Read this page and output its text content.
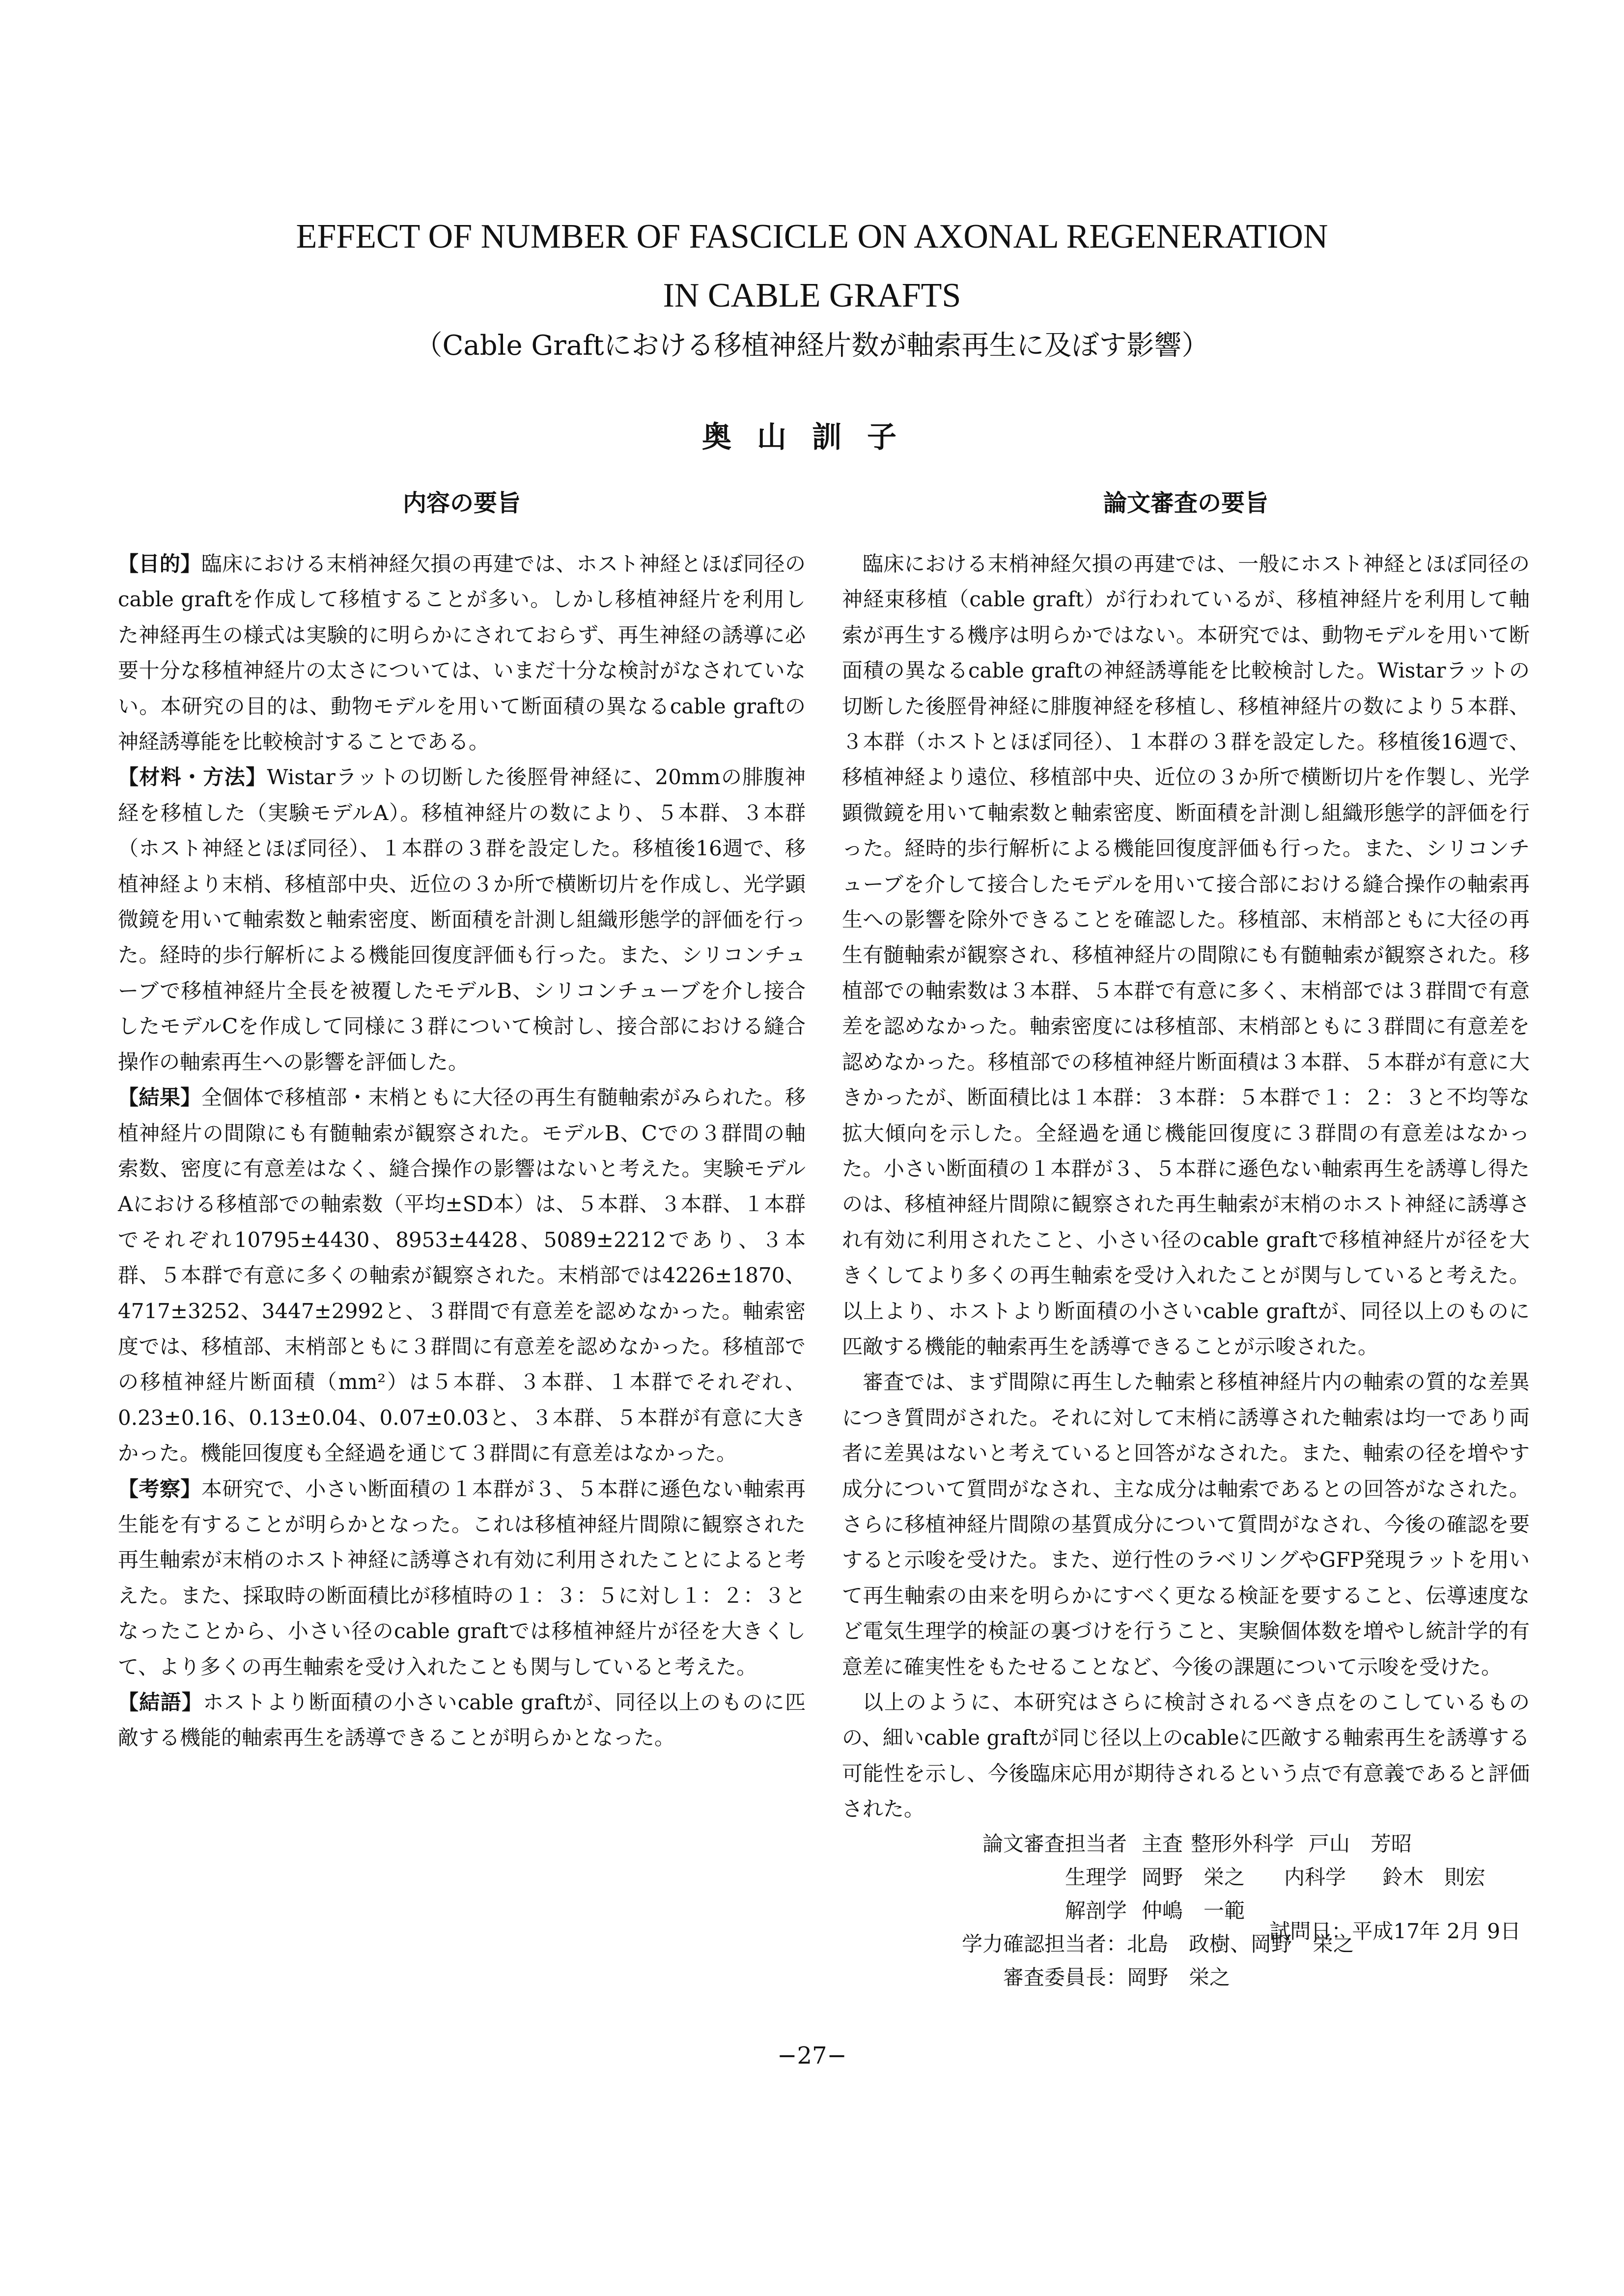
EFFECT OF NUMBER OF FASCICLE ON AXONAL REGENERATION
IN CABLE GRAFTS
（Cable Graftにおける移植神経片数が軸索再生に及ぼす影響）
奥山訓子
内容の要旨	論文審査の要旨

【目的】臨床における末梢神経欠損の再建では、ホスト神経とほぼ同径のcable graftを作成して移植することが多い。しかし移植神経片を利用した神経再生の様式は実験的に明らかにされておらず、再生神経の誘導に必要十分な移植神経片の太さについては、いまだ十分な検討がなされていない。本研究の目的は、動物モデルを用いて断面積の異なるcable graftの神経誘導能を比較検討することである。

【材料・方法】Wistarラットの切断した後脛骨神経に、20mmの腓腹神経を移植した（実験モデルA）。移植神経片の数により、５本群、３本群（ホスト神経とほぼ同径）、１本群の３群を設定した。移植後16週で、移植神経より末梢、移植部中央、近位の３か所で横断切片を作成し、光学顕微鏡を用いて軸索数と軸索密度、断面積を計測し組織形態学的評価を行った。経時的歩行解析による機能回復度評価も行った。また、シリコンチューブで移植神経片全長を被覆したモデルB、シリコンチューブを介し接合したモデルCを作成して同様に３群について検討し、接合部における縫合操作の軸索再生への影響を評価した。

【結果】全個体で移植部・末梢ともに大径の再生有髄軸索がみられた。移植神経片の間隙にも有髄軸索が観察された。モデルB、Cでの３群間の軸索数、密度に有意差はなく、縫合操作の影響はないと考えた。実験モデルAにおける移植部での軸索数（平均±SD本）は、５本群、３本群、１本群でそれぞれ10795±4430、8953±4428、5089±2212であり、３本群、５本群で有意に多くの軸索が観察された。末梢部では4226±1870、4717±3252、3447±2992と、３群間で有意差を認めなかった。軸索密度では、移植部、末梢部ともに３群間に有意差を認めなかった。移植部での移植神経片断面積（mm²）は５本群、３本群、１本群でそれぞれ、0.23±0.16、0.13±0.04、0.07±0.03と、３本群、５本群が有意に大きかった。機能回復度も全経過を通じて３群間に有意差はなかった。

【考察】本研究で、小さい断面積の１本群が３、５本群に遜色ない軸索再生能を有することが明らかとなった。これは移植神経片間隙に観察された再生軸索が末梢のホスト神経に誘導され有効に利用されたことによると考えた。また、採取時の断面積比が移植時の１：３：５に対し１：２：３となったことから、小さい径のcable graftでは移植神経片が径を大きくして、より多くの再生軸索を受け入れたことも関与していると考えた。

【結語】ホストより断面積の小さいcable graftが、同径以上のものに匹敵する機能的軸索再生を誘導できることが明らかとなった。

臨床における末梢神経欠損の再建では、一般にホスト神経とほぼ同径の神経束移植（cable graft）が行われているが、移植神経片を利用して軸索が再生する機序は明らかではない。本研究では、動物モデルを用いて断面積の異なるcable graftの神経誘導能を比較検討した。Wistarラットの切断した後脛骨神経に腓腹神経を移植し、移植神経片の数により５本群、３本群（ホストとほぼ同径）、１本群の３群を設定した。移植後16週で、移植神経より遠位、移植部中央、近位の３か所で横断切片を作製し、光学顕微鏡を用いて軸索数と軸索密度、断面積を計測し組織形態学的評価を行った。経時的歩行解析による機能回復度評価も行った。また、シリコンチューブを介して接合したモデルを用いて接合部における縫合操作の軸索再生への影響を除外できることを確認した。移植部、末梢部ともに大径の再生有髄軸索が観察され、移植神経片の間隙にも有髄軸索が観察された。移植部での軸索数は３本群、５本群で有意に多く、末梢部では３群間で有意差を認めなかった。軸索密度には移植部、末梢部ともに３群間に有意差を認めなかった。移植部での移植神経片断面積は３本群、５本群が有意に大きかったが、断面積比は１本群：３本群：５本群で１：２：３と不均等な拡大傾向を示した。全経過を通じ機能回復度に３群間の有意差はなかった。小さい断面積の１本群が３、５本群に遜色ない軸索再生を誘導し得たのは、移植神経片間隙に観察された再生軸索が末梢のホスト神経に誘導され有効に利用されたこと、小さい径のcable graftで移植神経片が径を大きくしてより多くの再生軸索を受け入れたことが関与していると考えた。以上より、ホストより断面積の小さいcable graftが、同径以上のものに匹敵する機能的軸索再生を誘導できることが示唆された。

審査では、まず間隙に再生した軸索と移植神経片内の軸索の質的な差異につき質問がされた。それに対して末梢に誘導された軸索は均一であり両者に差異はないと考えていると回答がなされた。また、軸索の径を増やす成分について質問がなされ、主な成分は軸索であるとの回答がなされた。さらに移植神経片間隙の基質成分について質問がなされ、今後の確認を要すると示唆を受けた。また、逆行性のラベリングやGFP発現ラットを用いて再生軸索の由来を明らかにすべく更なる検証を要すること、伝導速度など電気生理学的検証の裏づけを行うこと、実験個体数を増やし統計学的有意差に確実性をもたせることなど、今後の課題について示唆を受けた。

以上のように、本研究はさらに検討されるべき点をのこしているものの、細いcable graftが同じ径以上のcableに匹敵する軸索再生を誘導する可能性を示し、今後臨床応用が期待されるという点で有意義であると評価された。

論文審査担当者 主査 整形外科学 戸山　芳昭
生理学 岡野　栄之	内科学	鈴木　則宏
解剖学 仲嶋　一範
学力確認担当者： 北島　政樹、岡野　栄之
審査委員長： 岡野　栄之
試問日：平成17年 2月 9日
−27−
